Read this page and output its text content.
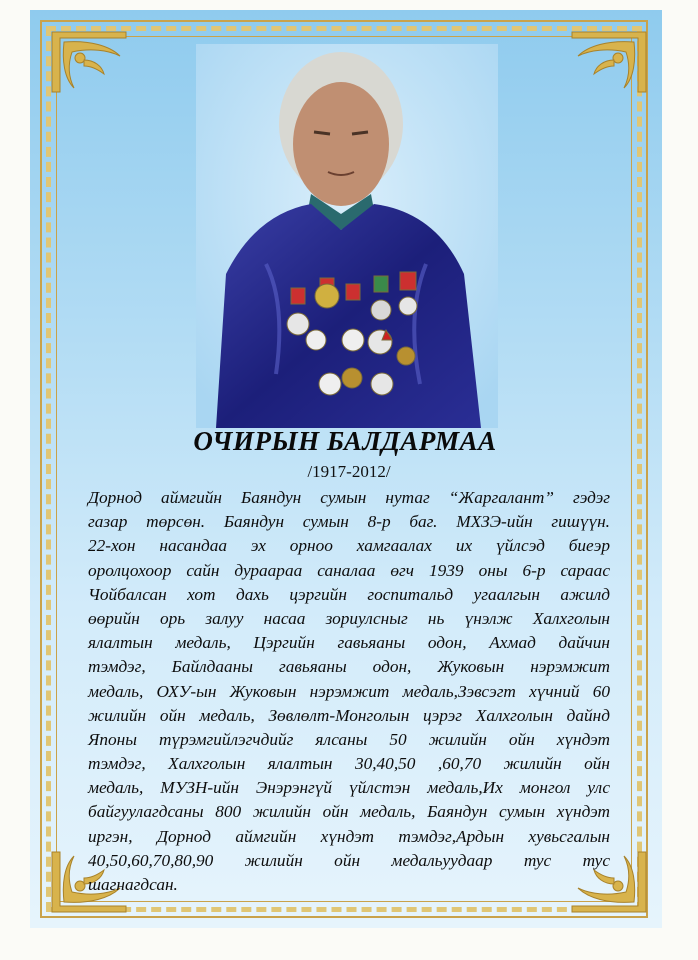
ОЧИРЫН БАЛДАРМАА
/1917-2012/
Дорнод аймгийн Баяндун сумын нутаг “Жаргалант” гэдэг
газар төрсөн. Баяндун сумын 8-р баг. МХЗЭ-ийн гишүүн.
22-хон насандаа эх орноо хамгаалах их үйлсэд биеэр
оролцохоор сайн дураараа саналаа өгч 1939 оны 6-р сараас
Чойбалсан хот дахь цэргийн госпитальд угаалгын ажилд
өөрийн орь залуу насаа зориулсныг нь үнэлж Халхголын
ялалтын медаль, Цэргийн гавьяаны одон, Ахмад дайчин
тэмдэг, Байлдааны гавьяаны одон, Жуковын нэрэмжит
медаль, ОХУ-ын Жуковын нэрэмжит медаль,Зэвсэгт хүчний 60
жилийн ойн медаль, Зөвлөлт-Монголын цэрэг Халхголын дайнд
Японы түрэмгийлэгчдийг ялсаны 50 жилийн ойн хүндэт
тэмдэг, Халхголын ялалтын 30,40,50 ,60,70 жилийн ойн
медаль, МУЗН-ийн Энэрэнгүй үйлстэн медаль,Их монгол улс
байгуулагдсаны 800 жилийн ойн медаль, Баяндун сумын хүндэт
иргэн, Дорнод аймгийн хүндэт тэмдэг,Ардын хувьсгалын
40,50,60,70,80,90 жилийн ойн медальуудаар тус тус
шагнагдсан.
